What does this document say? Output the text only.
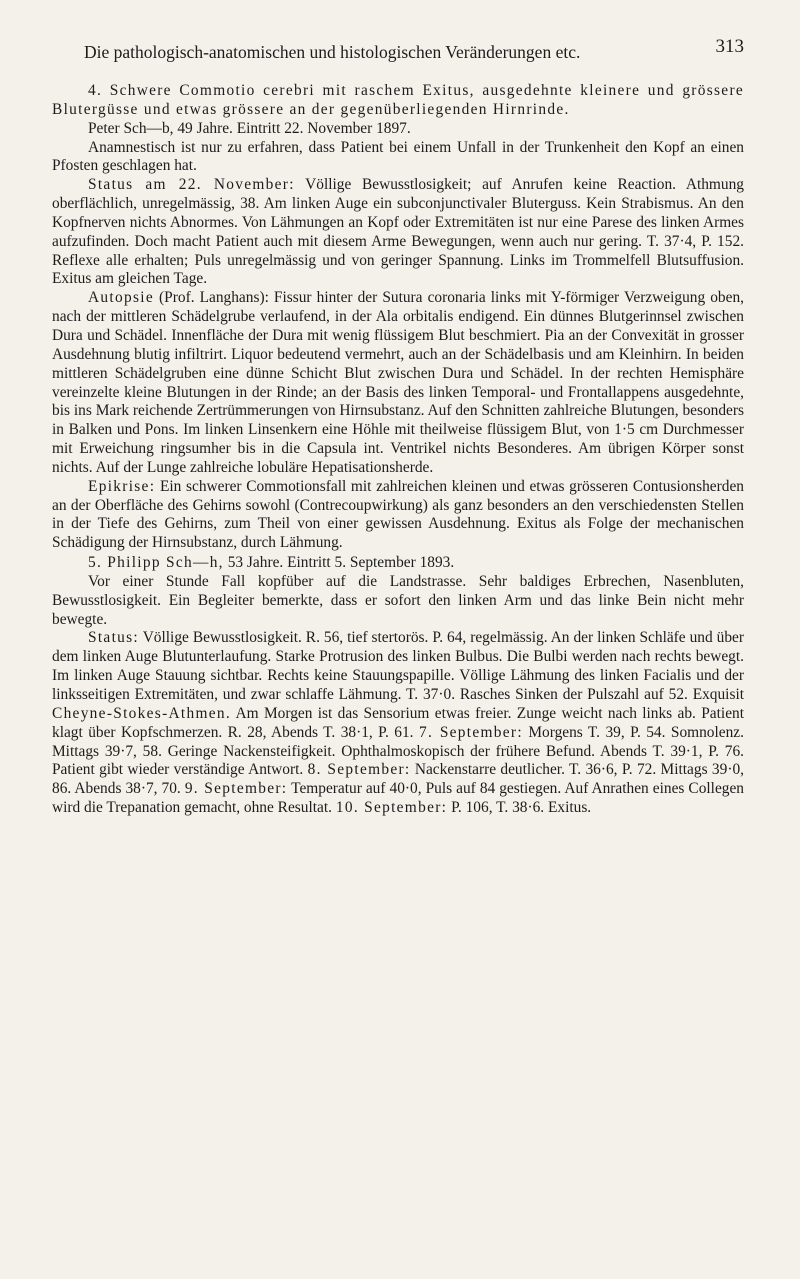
Die pathologisch-anatomischen und histologischen Veränderungen etc.	313

4. Schwere Commotio cerebri mit raschem Exitus, ausgedehnte kleinere und grössere Blutergüsse und etwas grössere an der gegenüberliegenden Hirnrinde.

Peter Sch—b, 49 Jahre. Eintritt 22. November 1897.

Anamnestisch ist nur zu erfahren, dass Patient bei einem Unfall in der Trunkenheit den Kopf an einen Pfosten geschlagen hat.

Status am 22. November: Völlige Bewusstlosigkeit; auf Anrufen keine Reaction. Athmung oberflächlich, unregelmässig, 38. Am linken Auge ein subconjunctivaler Bluterguss. Kein Strabismus. An den Kopfnerven nichts Abnormes. Von Lähmungen an Kopf oder Extremitäten ist nur eine Parese des linken Armes aufzufinden. Doch macht Patient auch mit diesem Arme Bewegungen, wenn auch nur gering. T. 37·4, P. 152. Reflexe alle erhalten; Puls unregelmässig und von geringer Spannung. Links im Trommelfell Blutsuffusion. Exitus am gleichen Tage.

Autopsie (Prof. Langhans): Fissur hinter der Sutura coronaria links mit Y-förmiger Verzweigung oben, nach der mittleren Schädelgrube verlaufend, in der Ala orbitalis endigend. Ein dünnes Blutgerinnsel zwischen Dura und Schädel. Innenfläche der Dura mit wenig flüssigem Blut beschmiert. Pia an der Convexität in grosser Ausdehnung blutig infiltrirt. Liquor bedeutend vermehrt, auch an der Schädelbasis und am Kleinhirn. In beiden mittleren Schädelgruben eine dünne Schicht Blut zwischen Dura und Schädel. In der rechten Hemisphäre vereinzelte kleine Blutungen in der Rinde; an der Basis des linken Temporal- und Frontallappens ausgedehnte, bis ins Mark reichende Zertrümmerungen von Hirnsubstanz. Auf den Schnitten zahlreiche Blutungen, besonders in Balken und Pons. Im linken Linsenkern eine Höhle mit theilweise flüssigem Blut, von 1·5 cm Durchmesser mit Erweichung ringsumher bis in die Capsula int. Ventrikel nichts Besonderes. Am übrigen Körper sonst nichts. Auf der Lunge zahlreiche lobuläre Hepatisationsherde.

Epikrise: Ein schwerer Commotionsfall mit zahlreichen kleinen und etwas grösseren Contusionsherden an der Oberfläche des Gehirns sowohl (Contrecoupwirkung) als ganz besonders an den verschiedensten Stellen in der Tiefe des Gehirns, zum Theil von einer gewissen Ausdehnung. Exitus als Folge der mechanischen Schädigung der Hirnsubstanz, durch Lähmung.

5. Philipp Sch—h, 53 Jahre. Eintritt 5. September 1893.

Vor einer Stunde Fall kopfüber auf die Landstrasse. Sehr baldiges Erbrechen, Nasenbluten, Bewusstlosigkeit. Ein Begleiter bemerkte, dass er sofort den linken Arm und das linke Bein nicht mehr bewegte.

Status: Völlige Bewusstlosigkeit. R. 56, tief stertorös. P. 64, regelmässig. An der linken Schläfe und über dem linken Auge Blutunterlaufung. Starke Protrusion des linken Bulbus. Die Bulbi werden nach rechts bewegt. Im linken Auge Stauung sichtbar. Rechts keine Stauungspapille. Völlige Lähmung des linken Facialis und der linksseitigen Extremitäten, und zwar schlaffe Lähmung. T. 37·0. Rasches Sinken der Pulszahl auf 52. Exquisit Cheyne-Stokes-Athmen. Am Morgen ist das Sensorium etwas freier. Zunge weicht nach links ab. Patient klagt über Kopfschmerzen. R. 28, Abends T. 38·1, P. 61. 7. September: Morgens T. 39, P. 54. Somnolenz. Mittags 39·7, 58. Geringe Nackensteifigkeit. Ophthalmoskopisch der frühere Befund. Abends T. 39·1, P. 76. Patient gibt wieder verständige Antwort. 8. September: Nackenstarre deutlicher. T. 36·6, P. 72. Mittags 39·0, 86. Abends 38·7, 70. 9. September: Temperatur auf 40·0, Puls auf 84 gestiegen. Auf Anrathen eines Collegen wird die Trepanation gemacht, ohne Resultat. 10. September: P. 106, T. 38·6. Exitus.
